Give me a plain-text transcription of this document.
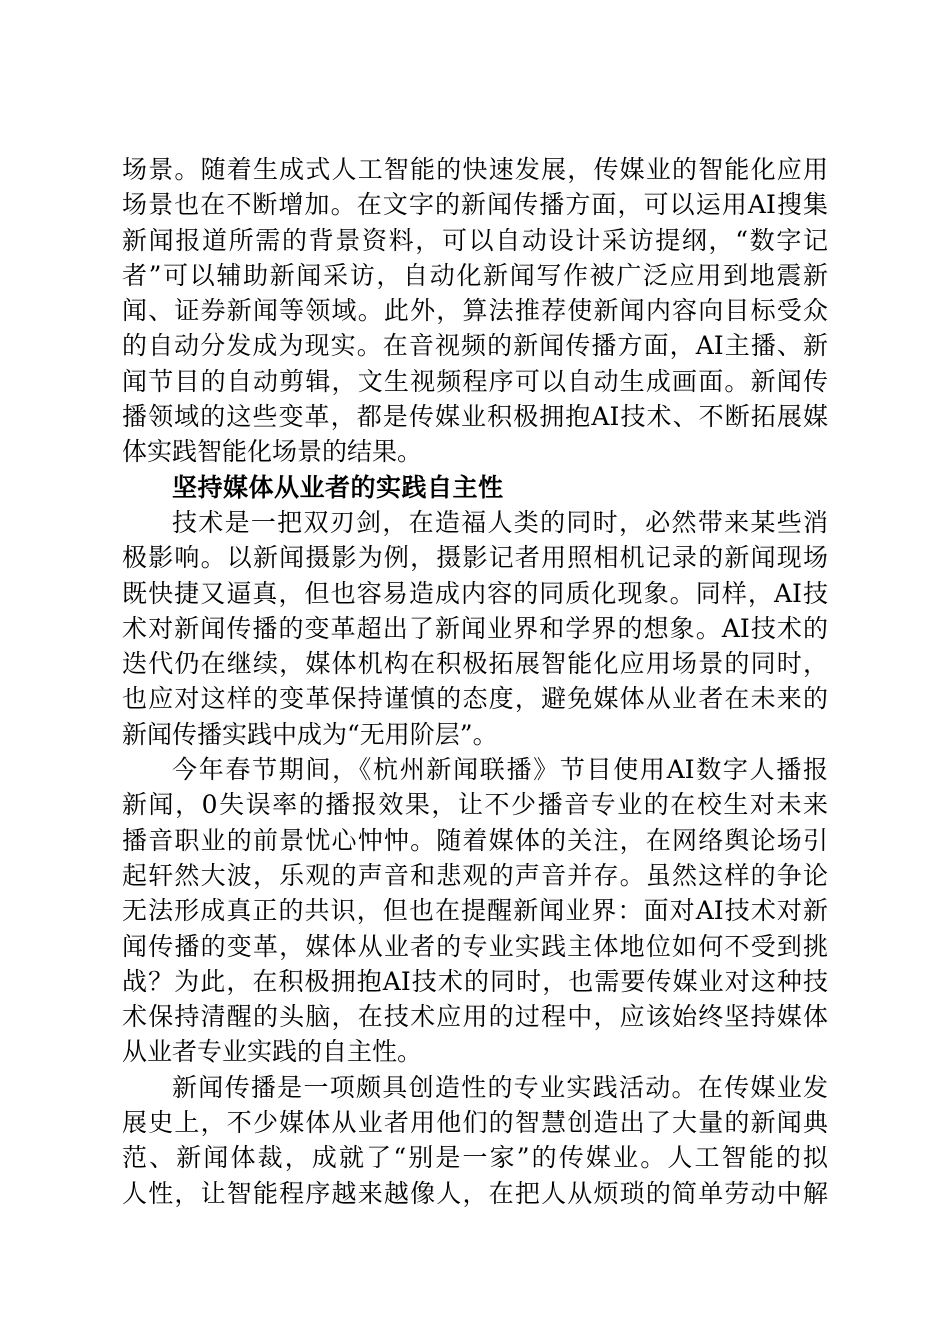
场景。随着生成式人工智能的快速发展，传媒业的智能化应用
场景也在不断增加。在文字的新闻传播方面，可以运用AI搜集
新闻报道所需的背景资料，可以自动设计采访提纲，“数字记
者”可以辅助新闻采访，自动化新闻写作被广泛应用到地震新
闻、证券新闻等领域。此外，算法推荐使新闻内容向目标受众
的自动分发成为现实。在音视频的新闻传播方面，AI主播、新
闻节目的自动剪辑，文生视频程序可以自动生成画面。新闻传
播领域的这些变革，都是传媒业积极拥抱AI技术、不断拓展媒
体实践智能化场景的结果。
坚持媒体从业者的实践自主性
技术是一把双刃剑，在造福人类的同时，必然带来某些消
极影响。以新闻摄影为例，摄影记者用照相机记录的新闻现场
既快捷又逼真，但也容易造成内容的同质化现象。同样，AI技
术对新闻传播的变革超出了新闻业界和学界的想象。AI技术的
迭代仍在继续，媒体机构在积极拓展智能化应用场景的同时，
也应对这样的变革保持谨慎的态度，避免媒体从业者在未来的
新闻传播实践中成为“无用阶层”。
今年春节期间，《杭州新闻联播》节目使用AI数字人播报
新闻，0失误率的播报效果，让不少播音专业的在校生对未来
播音职业的前景忧心忡忡。随着媒体的关注，在网络舆论场引
起轩然大波，乐观的声音和悲观的声音并存。虽然这样的争论
无法形成真正的共识，但也在提醒新闻业界：面对AI技术对新
闻传播的变革，媒体从业者的专业实践主体地位如何不受到挑
战？为此，在积极拥抱AI技术的同时，也需要传媒业对这种技
术保持清醒的头脑，在技术应用的过程中，应该始终坚持媒体
从业者专业实践的自主性。
新闻传播是一项颇具创造性的专业实践活动。在传媒业发
展史上，不少媒体从业者用他们的智慧创造出了大量的新闻典
范、新闻体裁，成就了“别是一家”的传媒业。人工智能的拟
人性，让智能程序越来越像人，在把人从烦琐的简单劳动中解
